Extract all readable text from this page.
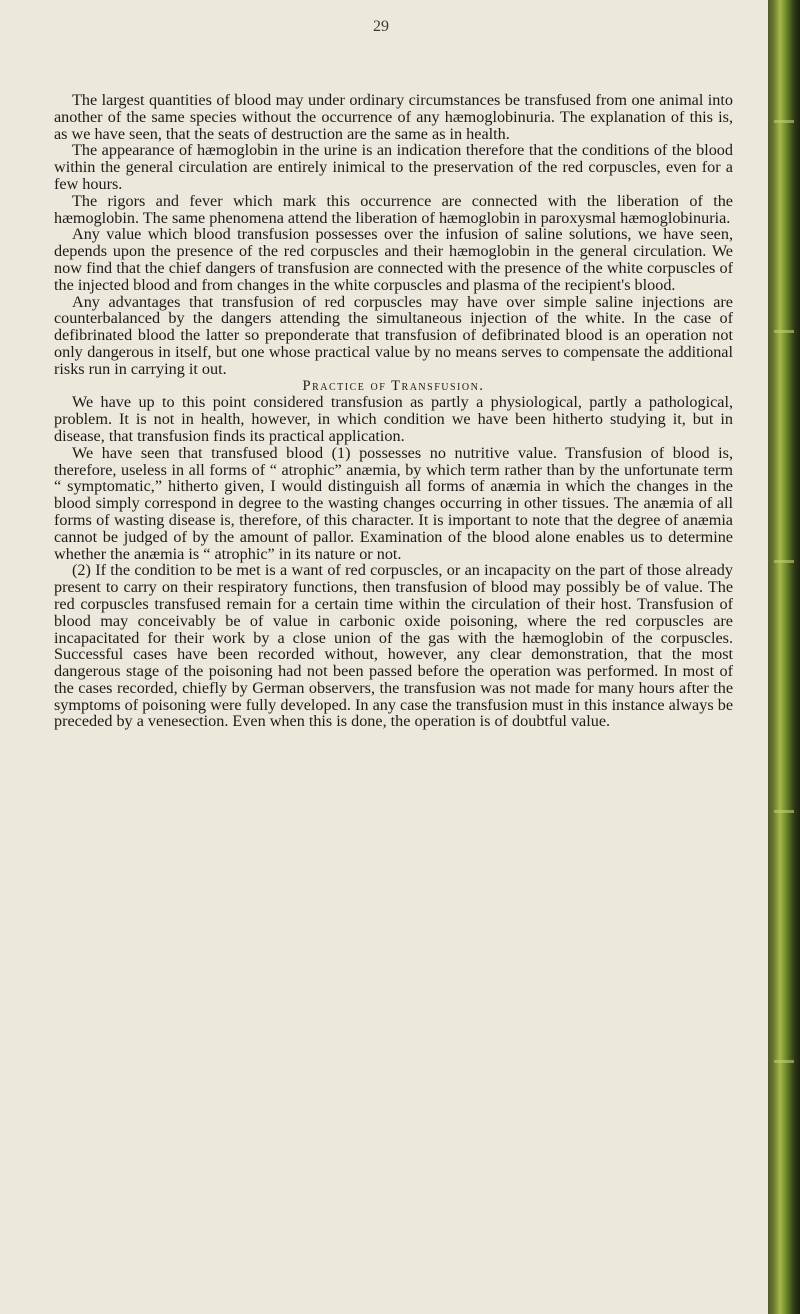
29

The largest quantities of blood may under ordinary circumstances be transfused from one animal into another of the same species without the occurrence of any hæmoglobinuria. The explanation of this is, as we have seen, that the seats of destruction are the same as in health.

The appearance of hæmoglobin in the urine is an indication therefore that the conditions of the blood within the general circulation are entirely inimical to the preservation of the red corpuscles, even for a few hours.

The rigors and fever which mark this occurrence are connected with the liberation of the hæmoglobin. The same phenomena attend the liberation of hæmoglobin in paroxysmal hæmoglobinuria.

Any value which blood transfusion possesses over the infusion of saline solutions, we have seen, depends upon the presence of the red corpuscles and their hæmoglobin in the general circulation. We now find that the chief dangers of transfusion are connected with the presence of the white corpuscles of the injected blood and from changes in the white corpuscles and plasma of the recipient's blood.

Any advantages that transfusion of red corpuscles may have over simple saline injections are counterbalanced by the dangers attending the simultaneous injection of the white. In the case of defibrinated blood the latter so preponderate that transfusion of defibrinated blood is an operation not only dangerous in itself, but one whose practical value by no means serves to compensate the additional risks run in carrying it out.

Practice of Transfusion.

We have up to this point considered transfusion as partly a physiological, partly a pathological, problem. It is not in health, however, in which condition we have been hitherto studying it, but in disease, that transfusion finds its practical application.

We have seen that transfused blood (1) possesses no nutritive value. Transfusion of blood is, therefore, useless in all forms of “ atrophic” anæmia, by which term rather than by the unfortunate term “ symptomatic,” hitherto given, I would distinguish all forms of anæmia in which the changes in the blood simply correspond in degree to the wasting changes occurring in other tissues. The anæmia of all forms of wasting disease is, therefore, of this character. It is important to note that the degree of anæmia cannot be judged of by the amount of pallor. Examination of the blood alone enables us to determine whether the anæmia is “ atrophic” in its nature or not.

(2) If the condition to be met is a want of red corpuscles, or an incapacity on the part of those already present to carry on their respiratory functions, then transfusion of blood may possibly be of value. The red corpuscles transfused remain for a certain time within the circulation of their host. Transfusion of blood may conceivably be of value in carbonic oxide poisoning, where the red corpuscles are incapacitated for their work by a close union of the gas with the hæmoglobin of the corpuscles. Successful cases have been recorded without, however, any clear demonstration, that the most dangerous stage of the poisoning had not been passed before the operation was performed. In most of the cases recorded, chiefly by German observers, the transfusion was not made for many hours after the symptoms of poisoning were fully developed. In any case the transfusion must in this instance always be preceded by a venesection. Even when this is done, the operation is of doubtful value.
